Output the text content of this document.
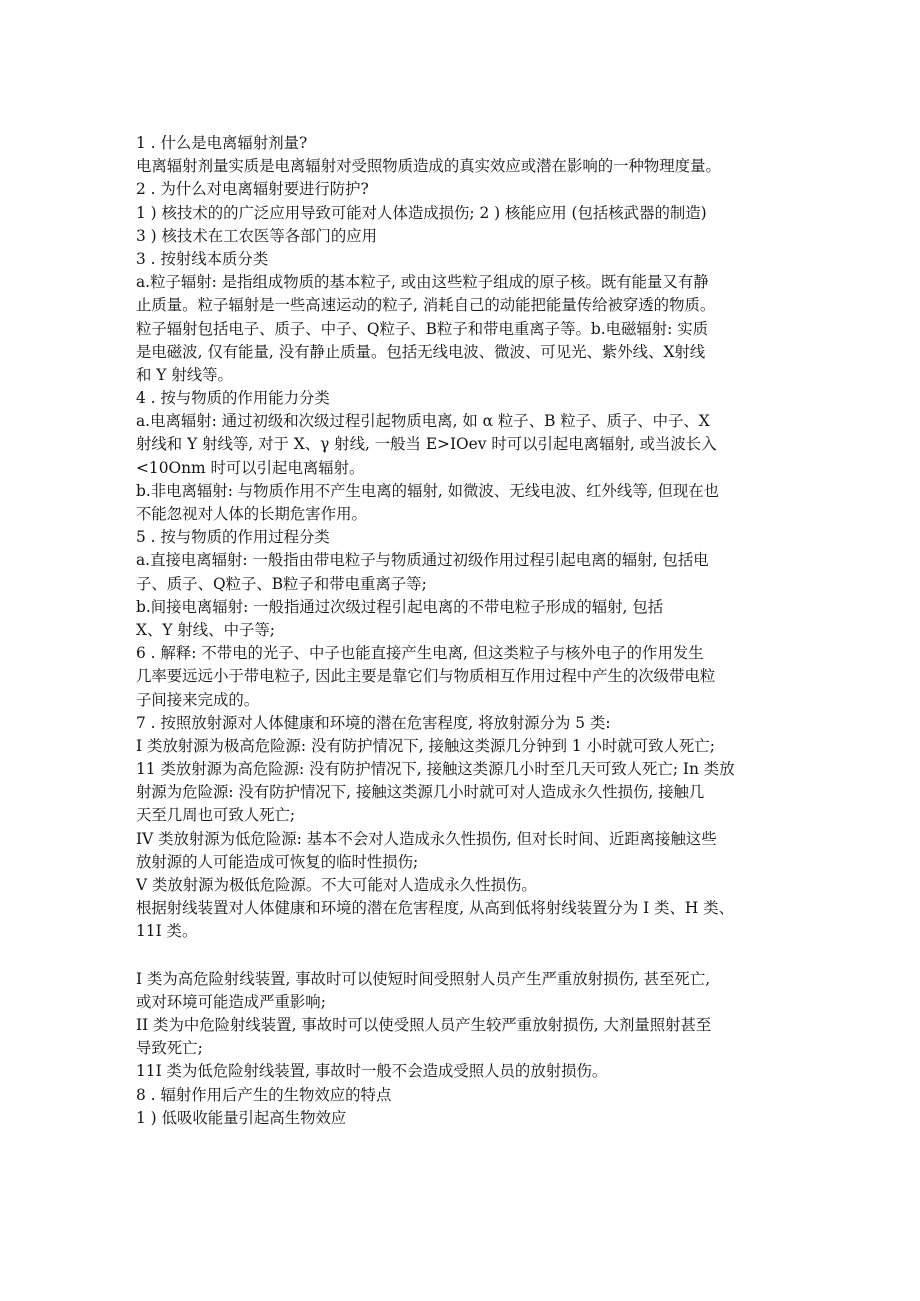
1 . 什么是电离辐射剂量?
电离辐射剂量实质是电离辐射对受照物质造成的真实效应或潜在影响的一种物理度量。
2 . 为什么对电离辐射要进行防护?
1 ) 核技术的的广泛应用导致可能对人体造成损伤; 2 ) 核能应用 (包括核武器的制造)
3 ) 核技术在工农医等各部门的应用
3 . 按射线本质分类
a.粒子辐射: 是指组成物质的基本粒子, 或由这些粒子组成的原子核。既有能量又有静
止质量。粒子辐射是一些高速运动的粒子, 消耗自己的动能把能量传给被穿透的物质。
粒子辐射包括电子、质子、中子、Q粒子、B粒子和带电重离子等。b.电磁辐射: 实质
是电磁波, 仅有能量, 没有静止质量。包括无线电波、微波、可见光、紫外线、X射线
和 Y 射线等。
4 . 按与物质的作用能力分类
a.电离辐射: 通过初级和次级过程引起物质电离, 如 α 粒子、B 粒子、质子、中子、X
射线和 Y 射线等, 对于 X、γ 射线, 一般当 E>IOev 时可以引起电离辐射, 或当波长入
<10Onm 时可以引起电离辐射。
b.非电离辐射: 与物质作用不产生电离的辐射, 如微波、无线电波、红外线等, 但现在也
不能忽视对人体的长期危害作用。
5 . 按与物质的作用过程分类
a.直接电离辐射: 一般指由带电粒子与物质通过初级作用过程引起电离的辐射, 包括电
子、质子、Q粒子、B粒子和带电重离子等;
b.间接电离辐射: 一般指通过次级过程引起电离的不带电粒子形成的辐射, 包括
X、Y 射线、中子等;
6 . 解释: 不带电的光子、中子也能直接产生电离, 但这类粒子与核外电子的作用发生
几率要远远小于带电粒子, 因此主要是靠它们与物质相互作用过程中产生的次级带电粒
子间接来完成的。
7 . 按照放射源对人体健康和环境的潜在危害程度, 将放射源分为 5 类:
I 类放射源为极高危险源: 没有防护情况下, 接触这类源几分钟到 1 小时就可致人死亡;
11 类放射源为高危险源: 没有防护情况下, 接触这类源几小时至几天可致人死亡; In 类放
射源为危险源: 没有防护情况下, 接触这类源几小时就可对人造成永久性损伤, 接触几
天至几周也可致人死亡;
IV 类放射源为低危险源: 基本不会对人造成永久性损伤, 但对长时间、近距离接触这些
放射源的人可能造成可恢复的临时性损伤;
V 类放射源为极低危险源。不大可能对人造成永久性损伤。
根据射线装置对人体健康和环境的潜在危害程度, 从高到低将射线装置分为 I 类、H 类、
11I 类。
I 类为高危险射线装置, 事故时可以使短时间受照射人员产生严重放射损伤, 甚至死亡,
或对环境可能造成严重影响;
II 类为中危险射线装置, 事故时可以使受照人员产生较严重放射损伤, 大剂量照射甚至
导致死亡;
11I 类为低危险射线装置, 事故时一般不会造成受照人员的放射损伤。
8 . 辐射作用后产生的生物效应的特点
1 ) 低吸收能量引起高生物效应
